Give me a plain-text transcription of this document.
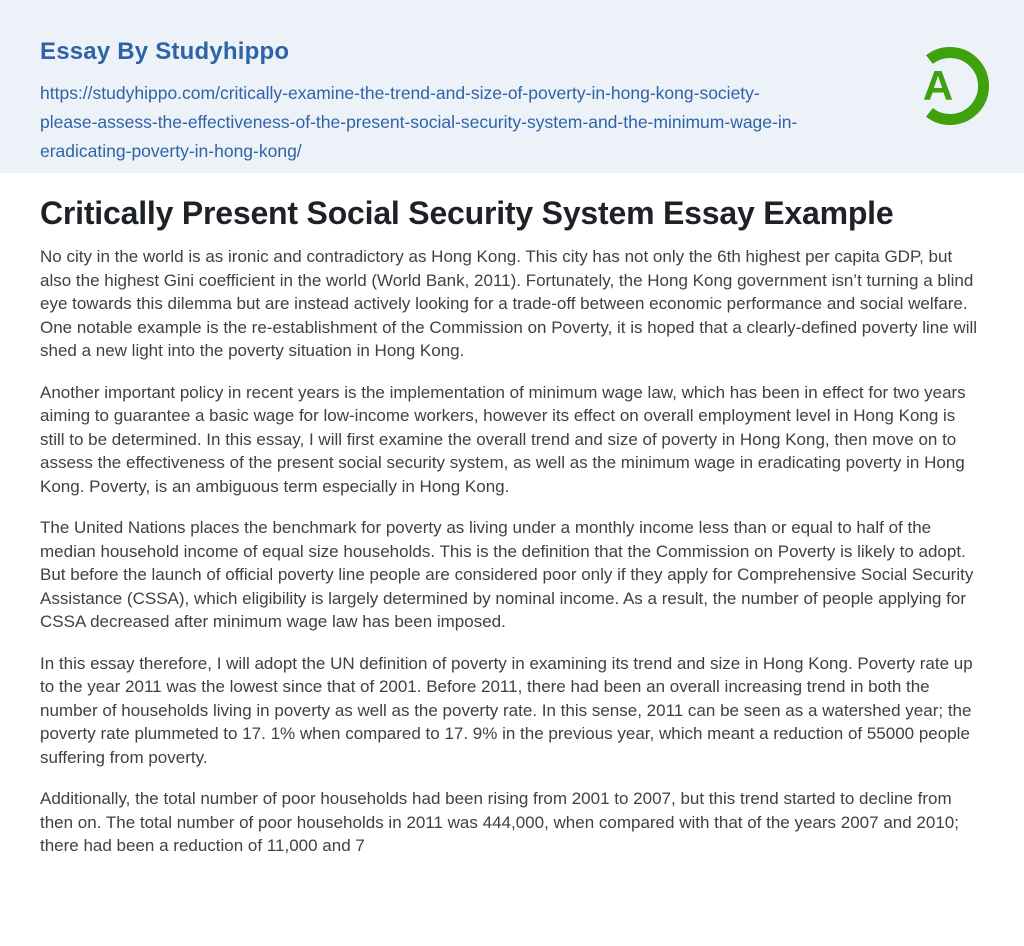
Essay By Studyhippo
https://studyhippo.com/critically-examine-the-trend-and-size-of-poverty-in-hong-kong-society-please-assess-the-effectiveness-of-the-present-social-security-system-and-the-minimum-wage-in-eradicating-poverty-in-hong-kong/
A
Critically Present Social Security System Essay Example

No city in the world is as ironic and contradictory as Hong Kong. This city has not only the 6th highest per capita GDP, but also the highest Gini coefficient in the world (World Bank, 2011). Fortunately, the Hong Kong government isn’t turning a blind eye towards this dilemma but are instead actively looking for a trade-off between economic performance and social welfare. One notable example is the re-establishment of the Commission on Poverty, it is hoped that a clearly-defined poverty line will shed a new light into the poverty situation in Hong Kong.

Another important policy in recent years is the implementation of minimum wage law, which has been in effect for two years aiming to guarantee a basic wage for low-income workers, however its effect on overall employment level in Hong Kong is still to be determined. In this essay, I will first examine the overall trend and size of poverty in Hong Kong, then move on to assess the effectiveness of the present social security system, as well as the minimum wage in eradicating poverty in Hong Kong. Poverty, is an ambiguous term especially in Hong Kong.

The United Nations places the benchmark for poverty as living under a monthly income less than or equal to half of the median household income of equal size households. This is the definition that the Commission on Poverty is likely to adopt. But before the launch of official poverty line people are considered poor only if they apply for Comprehensive Social Security Assistance (CSSA), which eligibility is largely determined by nominal income. As a result, the number of people applying for CSSA decreased after minimum wage law has been imposed.

In this essay therefore, I will adopt the UN definition of poverty in examining its trend and size in Hong Kong. Poverty rate up to the year 2011 was the lowest since that of 2001. Before 2011, there had been an overall increasing trend in both the number of households living in poverty as well as the poverty rate. In this sense, 2011 can be seen as a watershed year; the poverty rate plummeted to 17. 1% when compared to 17. 9% in the previous year, which meant a reduction of 55000 people suffering from poverty.

Additionally, the total number of poor households had been rising from 2001 to 2007, but this trend started to decline from then on. The total number of poor households in 2011 was 444,000, when compared with that of the years 2007 and 2010; there had been a reduction of 11,000 and 7
